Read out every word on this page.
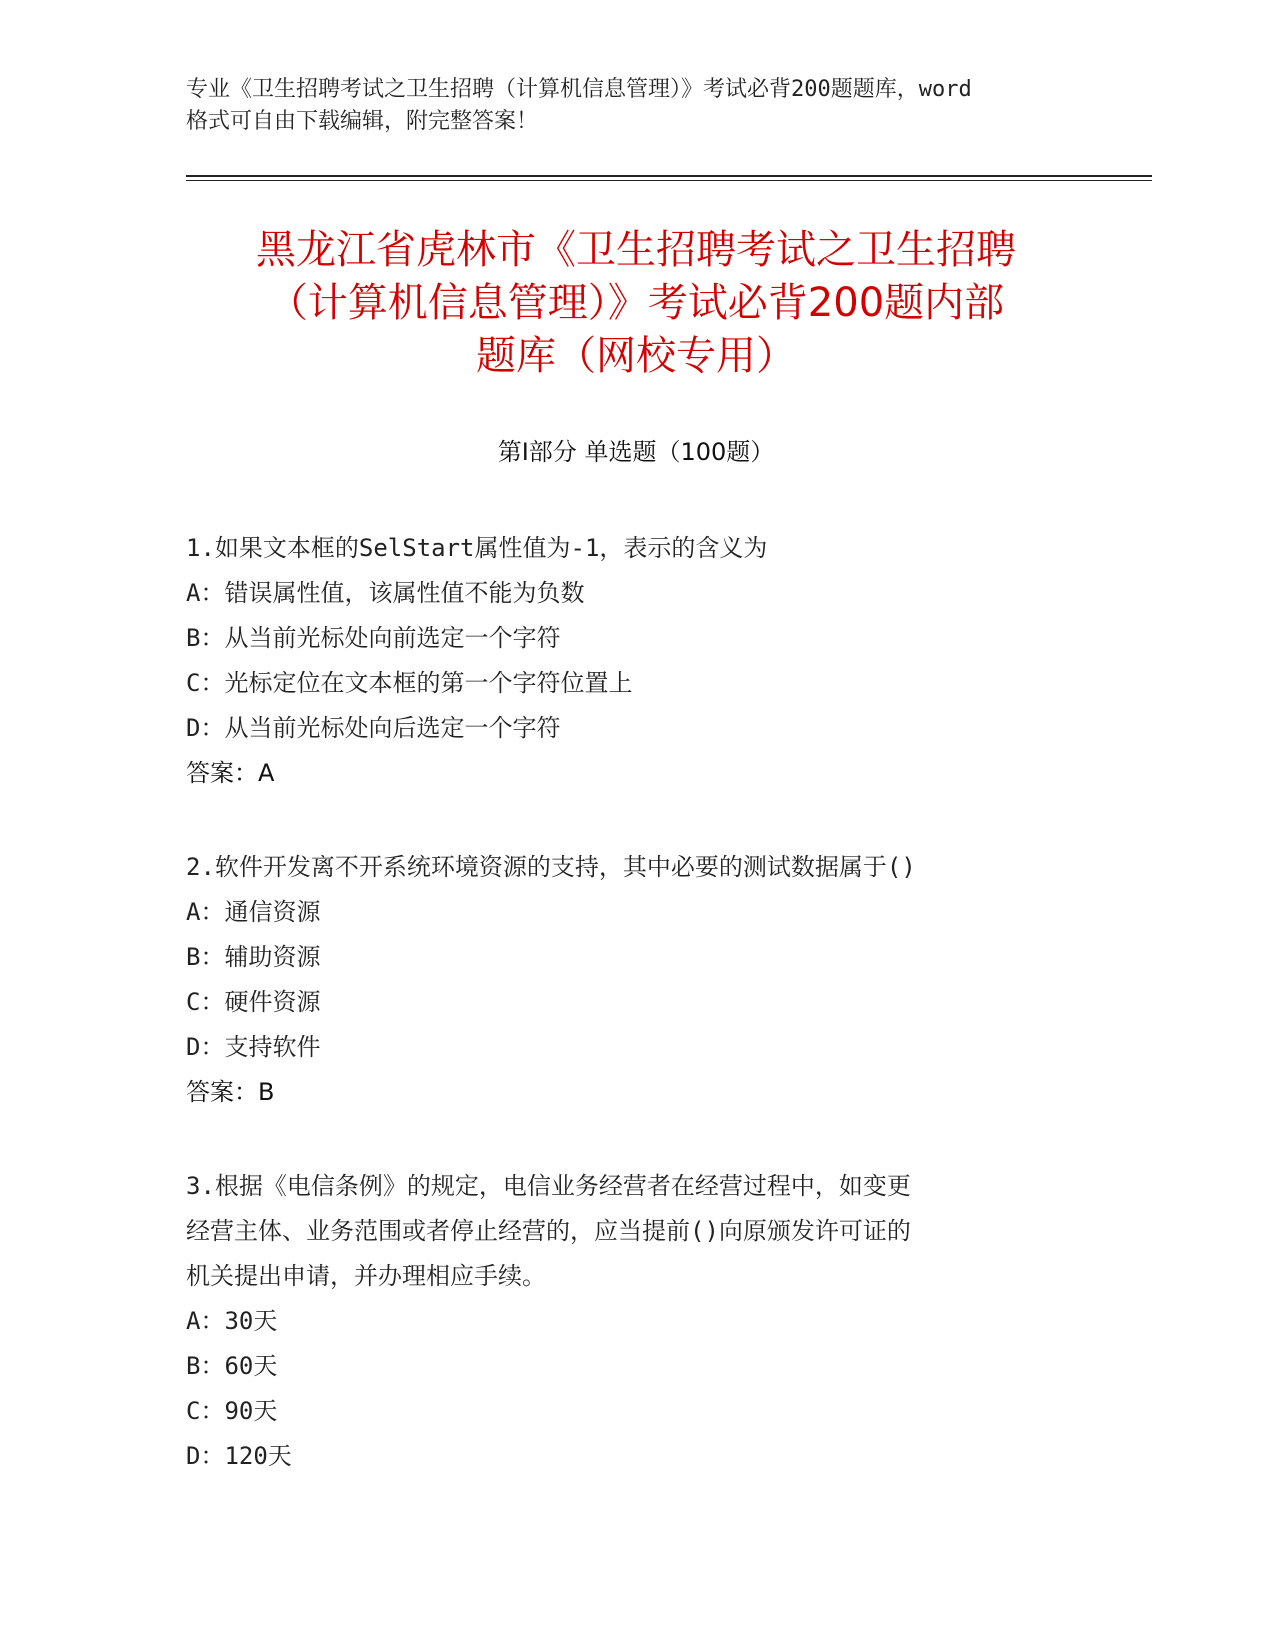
专业《卫生招聘考试之卫生招聘（计算机信息管理）》考试必背200题题库，word
格式可自由下载编辑，附完整答案！
黑龙江省虎林市《卫生招聘考试之卫生招聘
（计算机信息管理）》考试必背200题内部
题库（网校专用）
第Ⅰ部分 单选题（100题）

1.如果文本框的SelStart属性值为-1，表示的含义为

A：错误属性值，该属性值不能为负数

B：从当前光标处向前选定一个字符

C：光标定位在文本框的第一个字符位置上

D：从当前光标处向后选定一个字符

答案：A

2.软件开发离不开系统环境资源的支持，其中必要的测试数据属于()

A：通信资源

B：辅助资源

C：硬件资源

D：支持软件

答案：B

3.根据《电信条例》的规定，电信业务经营者在经营过程中，如变更

经营主体、业务范围或者停止经营的，应当提前()向原颁发许可证的

机关提出申请，并办理相应手续。

A：30天

B：60天

C：90天

D：120天
